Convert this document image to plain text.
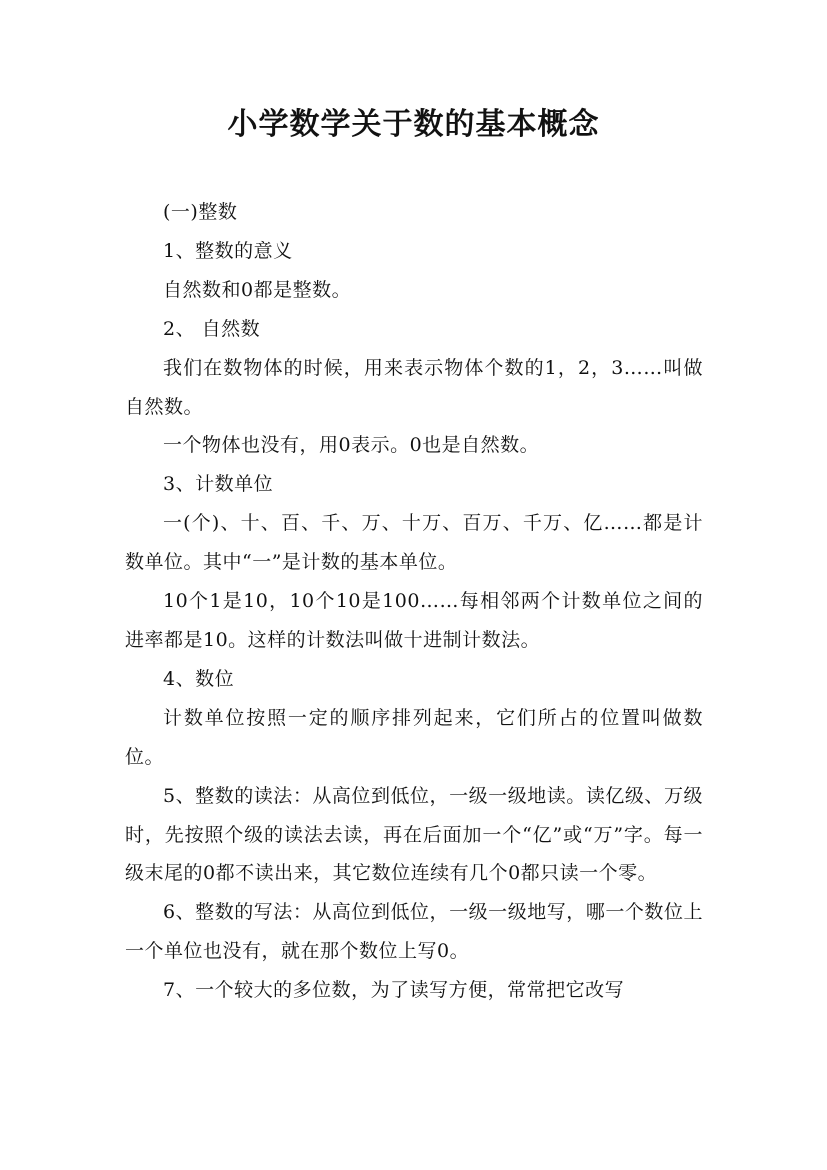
小学数学关于数的基本概念

(一)整数

1、整数的意义

自然数和0都是整数。

2、 自然数

我们在数物体的时候，用来表示物体个数的1，2，3……叫做自然数。

一个物体也没有，用0表示。0也是自然数。

3、计数单位

一(个)、十、百、千、万、十万、百万、千万、亿……都是计数单位。其中“一”是计数的基本单位。

10个1是10，10个10是100……每相邻两个计数单位之间的进率都是10。这样的计数法叫做十进制计数法。

4、数位

计数单位按照一定的顺序排列起来，它们所占的位置叫做数位。

5、整数的读法：从高位到低位，一级一级地读。读亿级、万级时，先按照个级的读法去读，再在后面加一个“亿”或“万”字。每一级末尾的0都不读出来，其它数位连续有几个0都只读一个零。

6、整数的写法：从高位到低位，一级一级地写，哪一个数位上一个单位也没有，就在那个数位上写0。

7、一个较大的多位数，为了读写方便，常常把它改写
